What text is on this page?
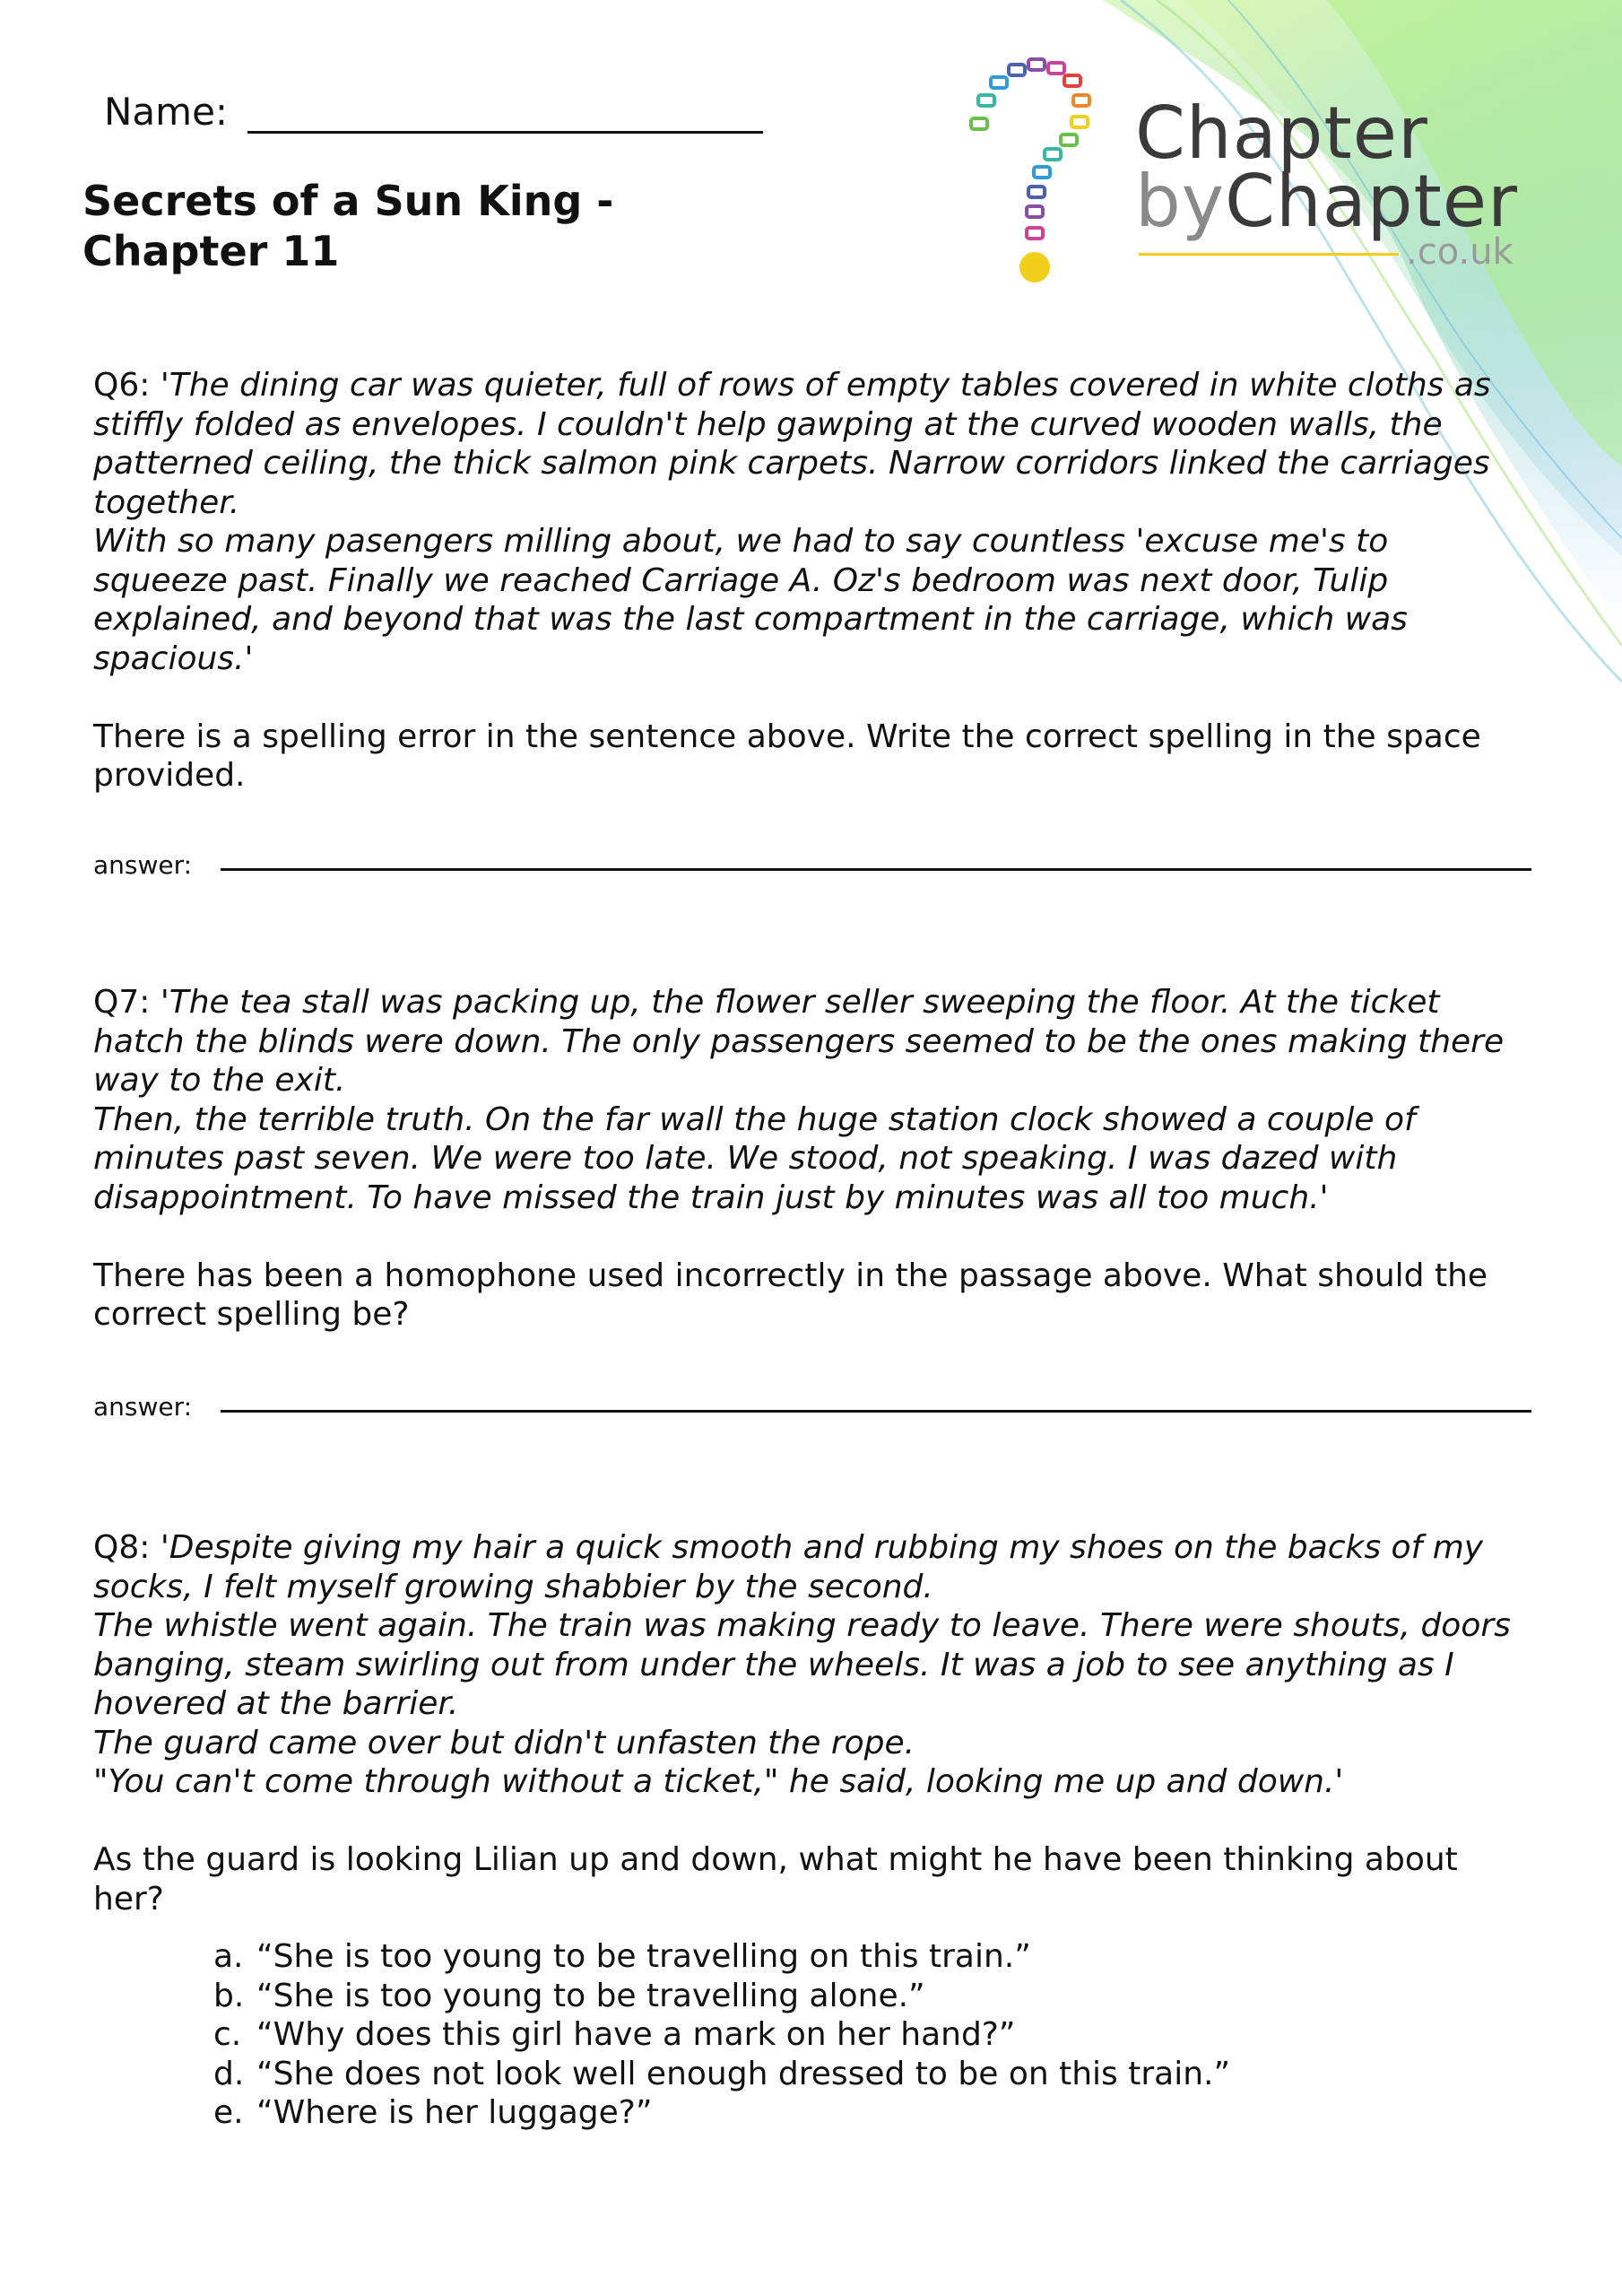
Name:
Secrets of a Sun King -
Chapter 11
Chapter
byChapter
.co.uk

Q6: 'The dining car was quieter, full of rows of empty tables covered in white cloths as stiffly folded as envelopes. I couldn't help gawping at the curved wooden walls, the patterned ceiling, the thick salmon pink carpets. Narrow corridors linked the carriages together.

With so many pasengers milling about, we had to say countless 'excuse me's to squeeze past. Finally we reached Carriage A. Oz's bedroom was next door, Tulip explained, and beyond that was the last compartment in the carriage, which was spacious.'

There is a spelling error in the sentence above. Write the correct spelling in the space provided.

answer:

Q7: 'The tea stall was packing up, the flower seller sweeping the floor. At the ticket hatch the blinds were down. The only passengers seemed to be the ones making there way to the exit.

Then, the terrible truth. On the far wall the huge station clock showed a couple of minutes past seven. We were too late. We stood, not speaking. I was dazed with disappointment. To have missed the train just by minutes was all too much.'

There has been a homophone used incorrectly in the passage above. What should the correct spelling be?

answer:

Q8: 'Despite giving my hair a quick smooth and rubbing my shoes on the backs of my socks, I felt myself growing shabbier by the second.

The whistle went again. The train was making ready to leave. There were shouts, doors banging, steam swirling out from under the wheels. It was a job to see anything as I hovered at the barrier.

The guard came over but didn't unfasten the rope.

"You can't come through without a ticket," he said, looking me up and down.'

As the guard is looking Lilian up and down, what might he have been thinking about her?

a. “She is too young to be travelling on this train.”
b. “She is too young to be travelling alone.”
c. “Why does this girl have a mark on her hand?”
d. “She does not look well enough dressed to be on this train.”
e. “Where is her luggage?”
